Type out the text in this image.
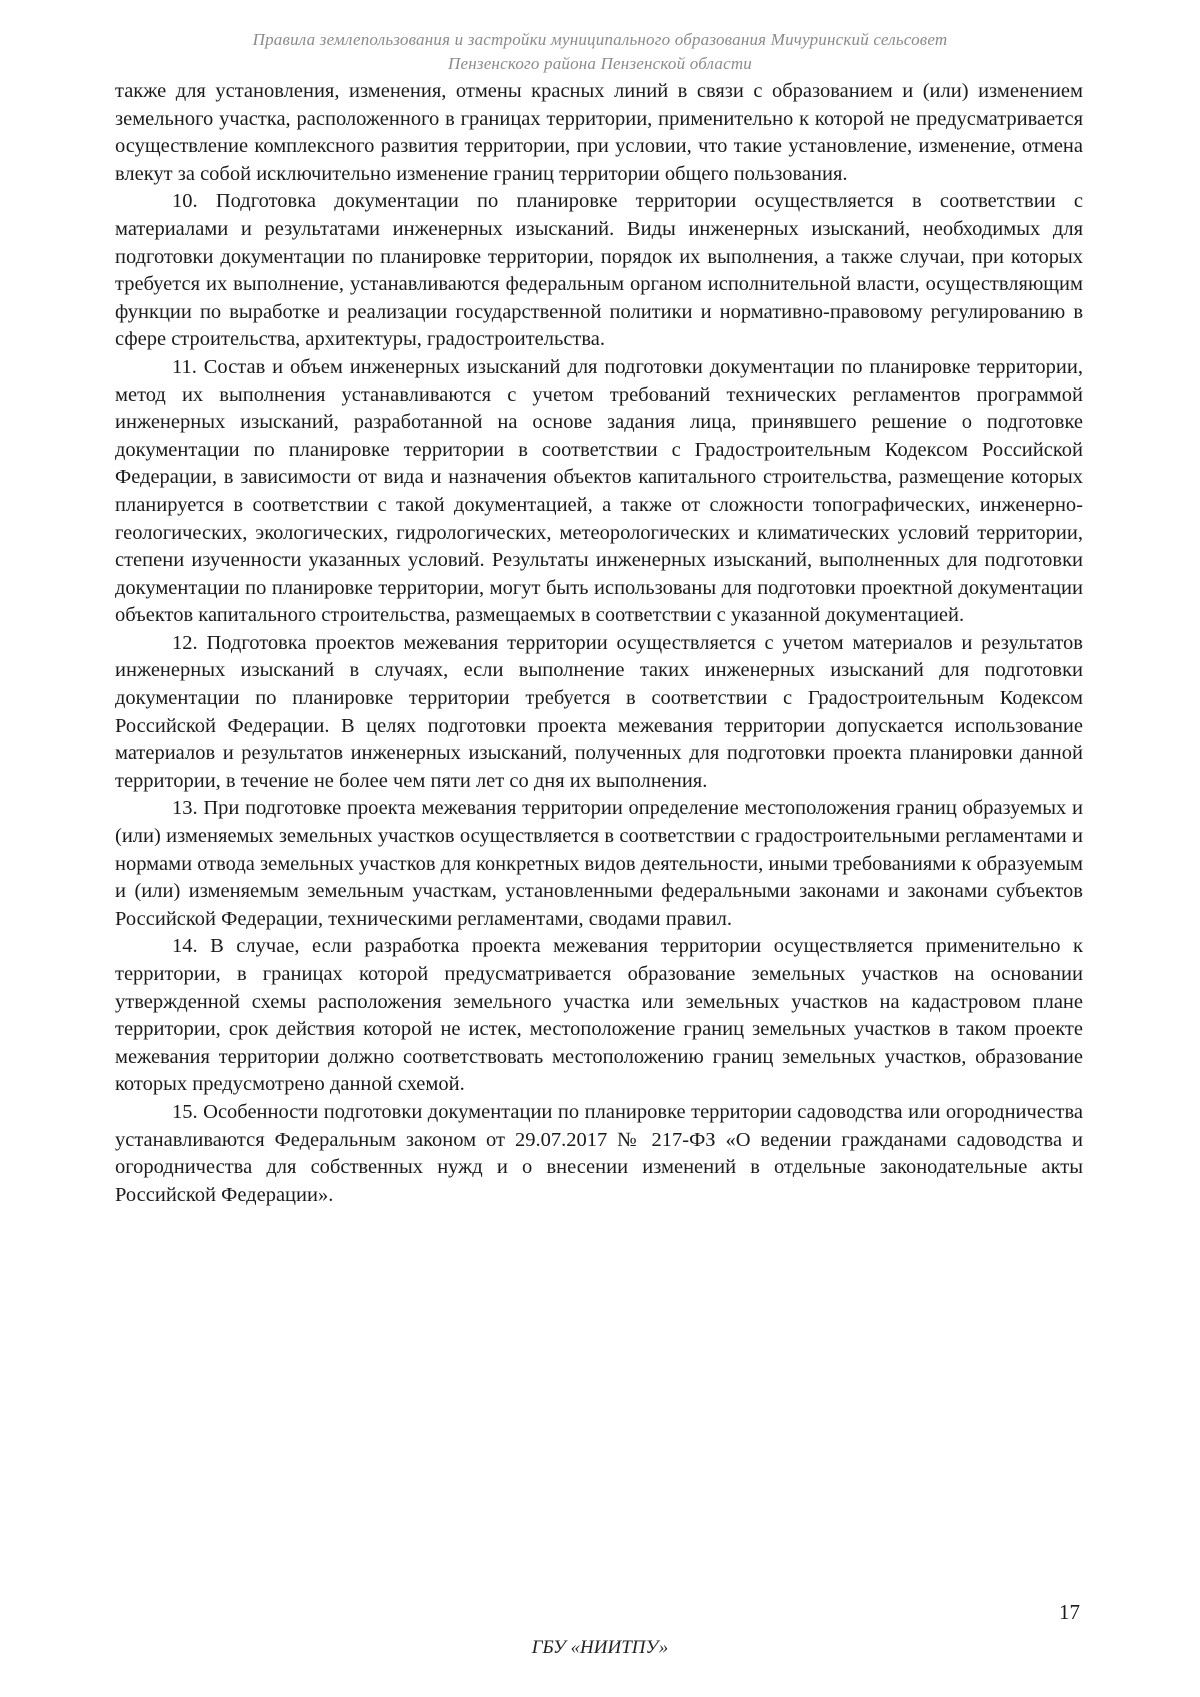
Правила землепользования и застройки муниципального образования Мичуринский сельсовет
Пензенского района Пензенской области

также для установления, изменения, отмены красных линий в связи с образованием и (или) изменением земельного участка, расположенного в границах территории, применительно к которой не предусматривается осуществление комплексного развития территории, при условии, что такие установление, изменение, отмена влекут за собой исключительно изменение границ территории общего пользования.

10. Подготовка документации по планировке территории осуществляется в соответствии с материалами и результатами инженерных изысканий. Виды инженерных изысканий, необходимых для подготовки документации по планировке территории, порядок их выполнения, а также случаи, при которых требуется их выполнение, устанавливаются федеральным органом исполнительной власти, осуществляющим функции по выработке и реализации государственной политики и нормативно-правовому регулированию в сфере строительства, архитектуры, градостроительства.

11. Состав и объем инженерных изысканий для подготовки документации по планировке территории, метод их выполнения устанавливаются с учетом требований технических регламентов программой инженерных изысканий, разработанной на основе задания лица, принявшего решение о подготовке документации по планировке территории в соответствии с Градостроительным Кодексом Российской Федерации, в зависимости от вида и назначения объектов капитального строительства, размещение которых планируется в соответствии с такой документацией, а также от сложности топографических, инженерно-геологических, экологических, гидрологических, метеорологических и климатических условий территории, степени изученности указанных условий. Результаты инженерных изысканий, выполненных для подготовки документации по планировке территории, могут быть использованы для подготовки проектной документации объектов капитального строительства, размещаемых в соответствии с указанной документацией.

12. Подготовка проектов межевания территории осуществляется с учетом материалов и результатов инженерных изысканий в случаях, если выполнение таких инженерных изысканий для подготовки документации по планировке территории требуется в соответствии с Градостроительным Кодексом Российской Федерации. В целях подготовки проекта межевания территории допускается использование материалов и результатов инженерных изысканий, полученных для подготовки проекта планировки данной территории, в течение не более чем пяти лет со дня их выполнения.

13. При подготовке проекта межевания территории определение местоположения границ образуемых и (или) изменяемых земельных участков осуществляется в соответствии с градостроительными регламентами и нормами отвода земельных участков для конкретных видов деятельности, иными требованиями к образуемым и (или) изменяемым земельным участкам, установленными федеральными законами и законами субъектов Российской Федерации, техническими регламентами, сводами правил.

14. В случае, если разработка проекта межевания территории осуществляется применительно к территории, в границах которой предусматривается образование земельных участков на основании утвержденной схемы расположения земельного участка или земельных участков на кадастровом плане территории, срок действия которой не истек, местоположение границ земельных участков в таком проекте межевания территории должно соответствовать местоположению границ земельных участков, образование которых предусмотрено данной схемой.

15. Особенности подготовки документации по планировке территории садоводства или огородничества устанавливаются Федеральным законом от 29.07.2017 № 217-ФЗ «О ведении гражданами садоводства и огородничества для собственных нужд и о внесении изменений в отдельные законодательные акты Российской Федерации».

17
ГБУ «НИИТПУ»
